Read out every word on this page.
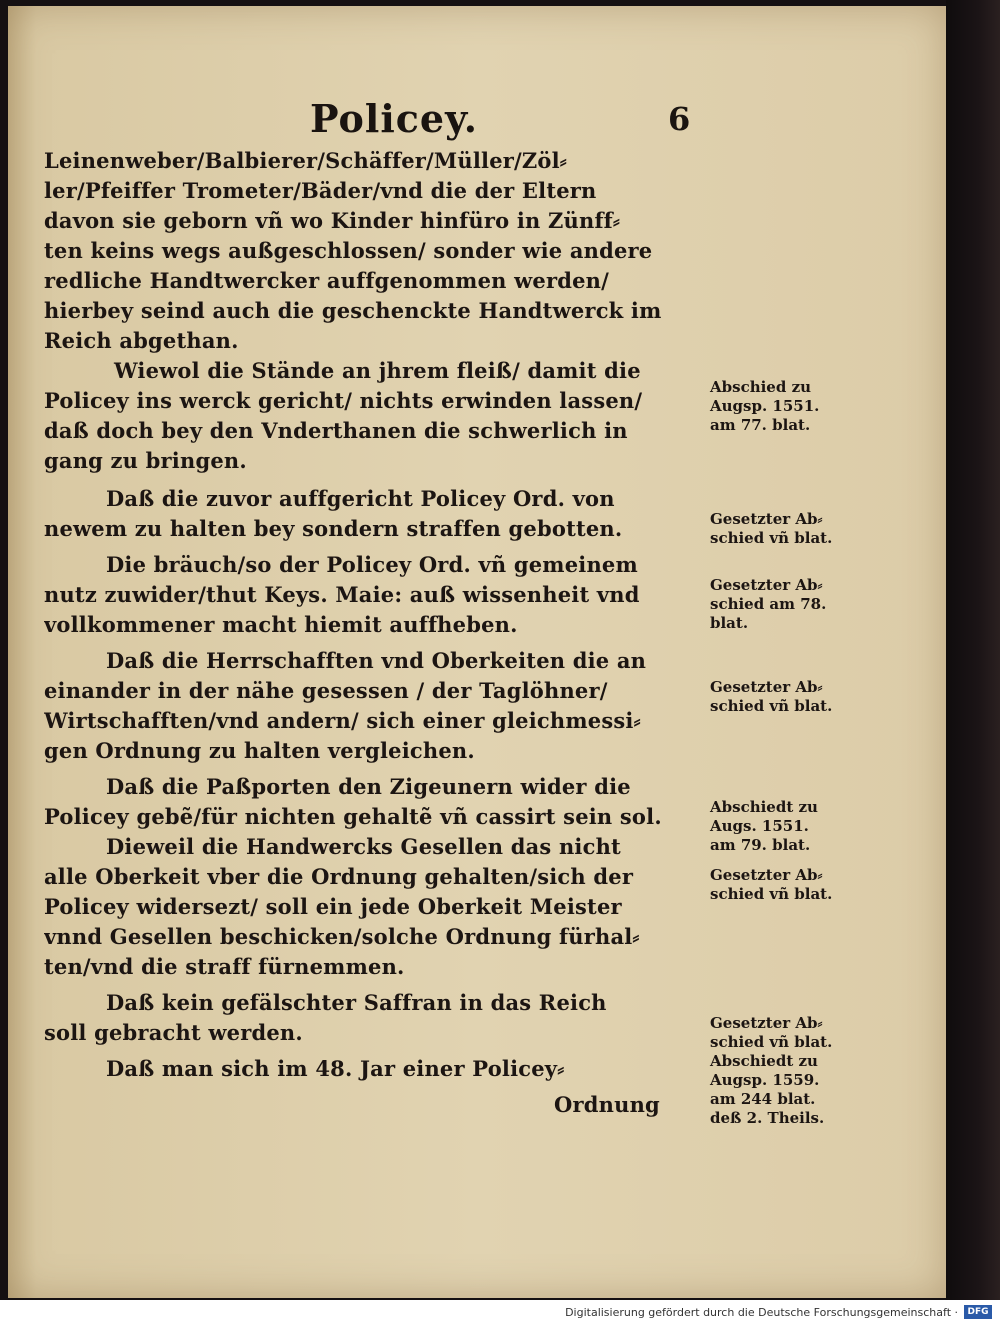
Policey.	6
Leinenweber/Balbierer/Schäffer/Müller/Zöl⸗
ler/Pfeiffer Trometer/Bäder/vnd die der Eltern
davon sie geborn vñ wo Kinder hinfüro in Zünff⸗
ten keins wegs außgeschlossen/ sonder wie andere
redliche Handtwercker auffgenommen werden/
hierbey seind auch die geschenckte Handtwerck im
Reich abgethan.
Wiewol die Stände an jhrem fleiß/ damit die
Policey ins werck gericht/ nichts erwinden lassen/
daß doch bey den Vnderthanen die schwerlich in
gang zu bringen.
Daß die zuvor auffgericht Policey Ord. von
newem zu halten bey sondern straffen gebotten.
Die bräuch/so der Policey Ord. vñ gemeinem
nutz zuwider/thut Keys. Maie: auß wissenheit vnd
vollkommener macht hiemit auffheben.
Daß die Herrschafften vnd Oberkeiten die an
einander in der nähe gesessen / der Taglöhner/
Wirtschafften/vnd andern/ sich einer gleichmessi⸗
gen Ordnung zu halten vergleichen.
Daß die Paßporten den Zigeunern wider die
Policey gebẽ/für nichten gehaltẽ vñ cassirt sein sol.
Dieweil die Handwercks Gesellen das nicht
alle Oberkeit vber die Ordnung gehalten/sich der
Policey widersezt/ soll ein jede Oberkeit Meister
vnnd Gesellen beschicken/solche Ordnung fürhal⸗
ten/vnd die straff fürnemmen.
Daß kein gefälschter Saffran in das Reich
soll gebracht werden.
Daß man sich im 48. Jar einer Policey⸗
Ordnung
Abschied zu
Augsp. 1551.
am 77. blat.
Gesetzter Ab⸗
schied vñ blat.
Gesetzter Ab⸗
schied am 78.
blat.
Gesetzter Ab⸗
schied vñ blat.
Abschiedt zu
Augs. 1551.
am 79. blat.
Gesetzter Ab⸗
schied vñ blat.
Gesetzter Ab⸗
schied vñ blat.
Abschiedt zu
Augsp. 1559.
am 244 blat.
deß 2. Theils.
Digitalisierung gefördert durch die Deutsche Forschungsgemeinschaft ·	DFG
